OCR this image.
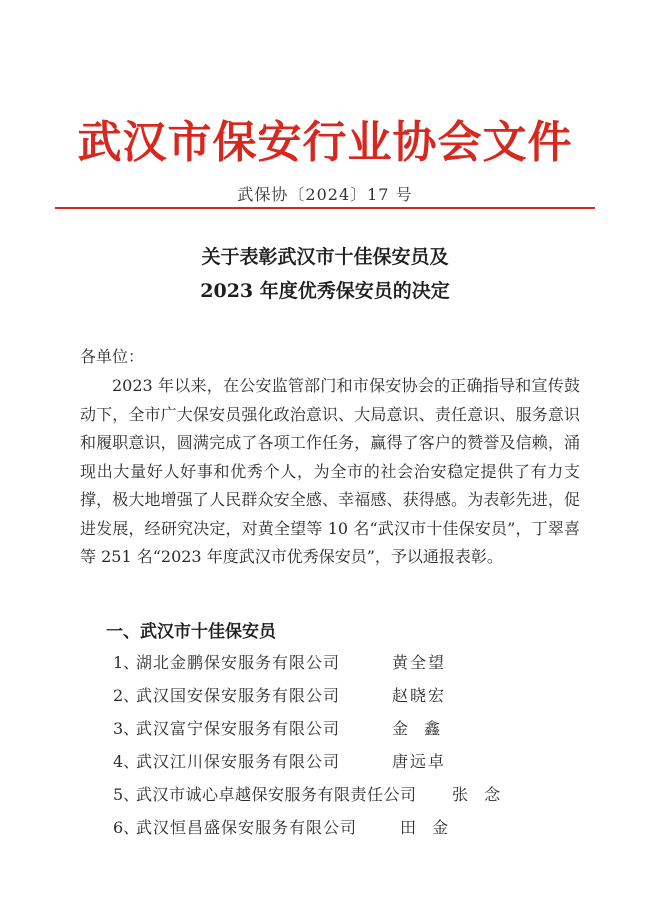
武汉市保安行业协会文件
武保协〔2024〕17 号
关于表彰武汉市十佳保安员及
2023 年度优秀保安员的决定
各单位：
2023 年以来，在公安监管部门和市保安协会的正确指导和宣传鼓动下，全市广大保安员强化政治意识、大局意识、责任意识、服务意识和履职意识，圆满完成了各项工作任务，赢得了客户的赞誉及信赖，涌现出大量好人好事和优秀个人，为全市的社会治安稳定提供了有力支撑，极大地增强了人民群众安全感、幸福感、获得感。为表彰先进，促进发展，经研究决定，对黄全望等 10 名“武汉市十佳保安员”，丁翠喜等 251 名“2023 年度武汉市优秀保安员”，予以通报表彰。
一、武汉市十佳保安员
1、
湖北金鹏保安服务有限公司	黄全望
2、
武汉国安保安服务有限公司	赵晓宏
3、
武汉富宁保安服务有限公司	金  鑫
4、
武汉江川保安服务有限公司	唐远卓
5、
武汉市诚心卓越保安服务有限责任公司 张  念
6、
武汉恒昌盛保安服务有限公司	田  金
